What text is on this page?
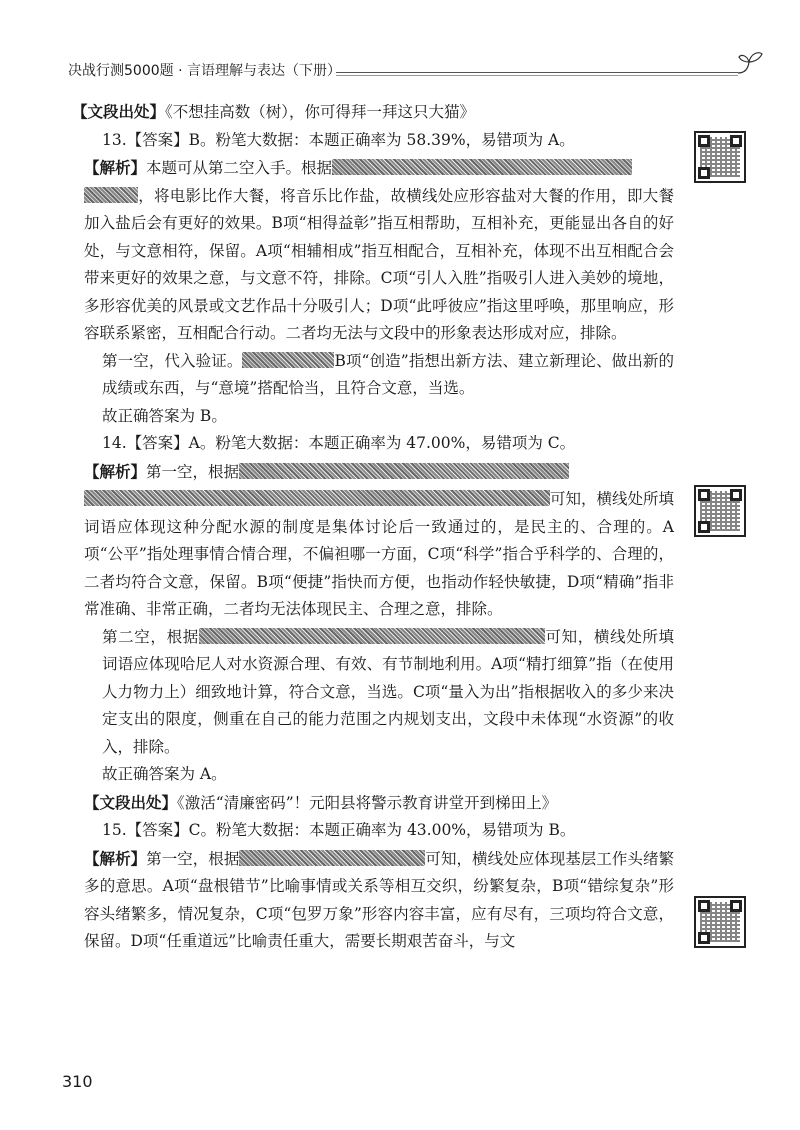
决战行测5000题 · 言语理解与表达（下册）

【文段出处】《不想挂高数（树），你可得拜一拜这只大猫》

13.【答案】B。粉笔大数据：本题正确率为 58.39%，易错项为 A。

【解析】本题可从第二空入手。根据
，将电影比作大餐，将音乐比作盐，故横线处应形容盐对大餐的作用，即大餐加入盐后会有更好的效果。B项“相得益彰”指互相帮助，互相补充，更能显出各自的好处，与文意相符，保留。A项“相辅相成”指互相配合，互相补充，体现不出互相配合会带来更好的效果之意，与文意不符，排除。C项“引人入胜”指吸引人进入美妙的境地，多形容优美的风景或文艺作品十分吸引人；D项“此呼彼应”指这里呼唤，那里响应，形容联系紧密，互相配合行动。二者均无法与文段中的形象表达形成对应，排除。

第一空，代入验证。	B项“创造”指想出新方法、建立新理论、做出新的成绩或东西，与“意境”搭配恰当，且符合文意，当选。

故正确答案为 B。

14.【答案】A。粉笔大数据：本题正确率为 47.00%，易错项为 C。

【解析】第一空，根据
可知，横线处所填词语应体现这种分配水源的制度是集体讨论后一致通过的，是民主的、合理的。A项“公平”指处理事情合情合理，不偏袒哪一方面，C项“科学”指合乎科学的、合理的，二者均符合文意，保留。B项“便捷”指快而方便，也指动作轻快敏捷，D项“精确”指非常准确、非常正确，二者均无法体现民主、合理之意，排除。

第二空，根据	可知，横线处所填词语应体现哈尼人对水资源合理、有效、有节制地利用。A项“精打细算”指（在使用人力物力上）细致地计算，符合文意，当选。C项“量入为出”指根据收入的多少来决定支出的限度，侧重在自己的能力范围之内规划支出，文段中未体现“水资源”的收入，排除。

故正确答案为 A。

【文段出处】《激活“清廉密码”！元阳县将警示教育讲堂开到梯田上》

15.【答案】C。粉笔大数据：本题正确率为 43.00%，易错项为 B。

【解析】第一空，根据	可知，横线处应体现基层工作头绪繁多的意思。A项“盘根错节”比喻事情或关系等相互交织，纷繁复杂，B项“错综复杂”形容头绪繁多，情况复杂，C项“包罗万象”形容内容丰富，应有尽有，三项均符合文意，保留。D项“任重道远”比喻责任重大，需要长期艰苦奋斗，与文

310
